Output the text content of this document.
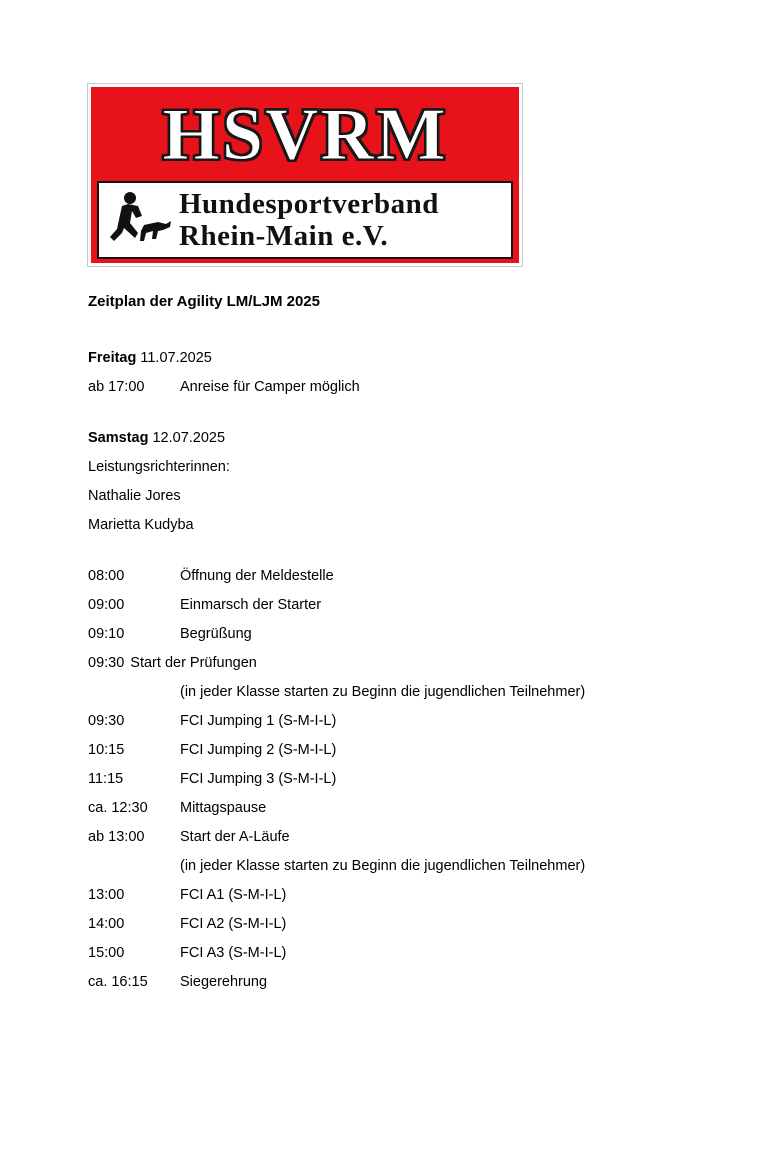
HSVRM
Hundesportverband
Rhein-Main e.V.
Zeitplan der Agility LM/LJM 2025
Freitag 11.07.2025
ab 17:00	Anreise für Camper möglich
Samstag 12.07.2025
Leistungsrichterinnen:
Nathalie Jores
Marietta Kudyba
08:00	Öffnung der Meldestelle
09:00	Einmarsch der Starter
09:10	Begrüßung
09:30 Start der Prüfungen
(in jeder Klasse starten zu Beginn die jugendlichen Teilnehmer)
09:30	FCI Jumping 1 (S-M-I-L)
10:15	FCI Jumping 2 (S-M-I-L)
11:15	FCI Jumping 3 (S-M-I-L)
ca. 12:30	Mittagspause
ab 13:00	Start der A-Läufe
(in jeder Klasse starten zu Beginn die jugendlichen Teilnehmer)
13:00	FCI A1 (S-M-I-L)
14:00	FCI A2 (S-M-I-L)
15:00	FCI A3 (S-M-I-L)
ca. 16:15	Siegerehrung
